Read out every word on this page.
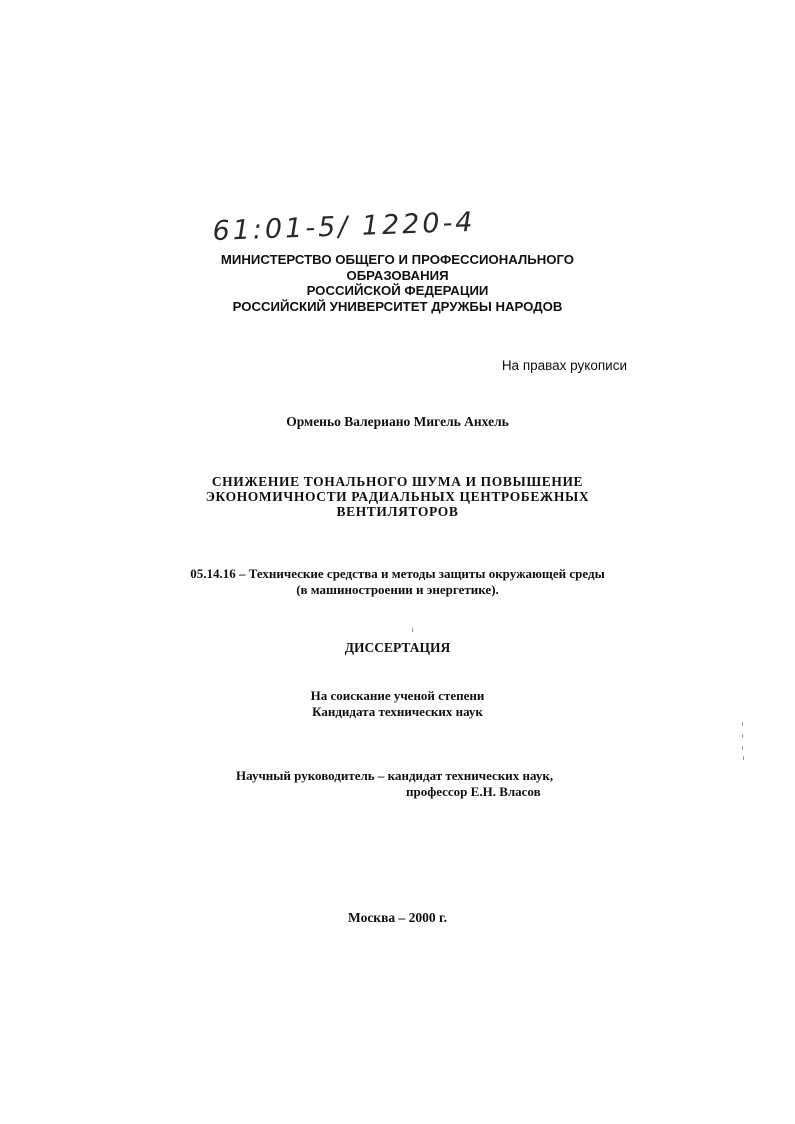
61:01-5/ 1220-4
МИНИСТЕРСТВО ОБЩЕГО И ПРОФЕССИОНАЛЬНОГО
ОБРАЗОВАНИЯ
РОССИЙСКОЙ ФЕДЕРАЦИИ
РОССИЙСКИЙ УНИВЕРСИТЕТ ДРУЖБЫ НАРОДОВ
На правах рукописи
Орменьо Валериано Мигель Анхель
СНИЖЕНИЕ ТОНАЛЬНОГО ШУМА И ПОВЫШЕНИЕ
ЭКОНОМИЧНОСТИ РАДИАЛЬНЫХ ЦЕНТРОБЕЖНЫХ
ВЕНТИЛЯТОРОВ
05.14.16 – Технические средства и методы защиты окружающей среды
(в машиностроении и энергетике).
ДИССЕРТАЦИЯ
На соискание ученой степени
Кандидата технических наук
Научный руководитель – кандидат технических наук,
профессор Е.Н. Власов
Москва – 2000 г.
